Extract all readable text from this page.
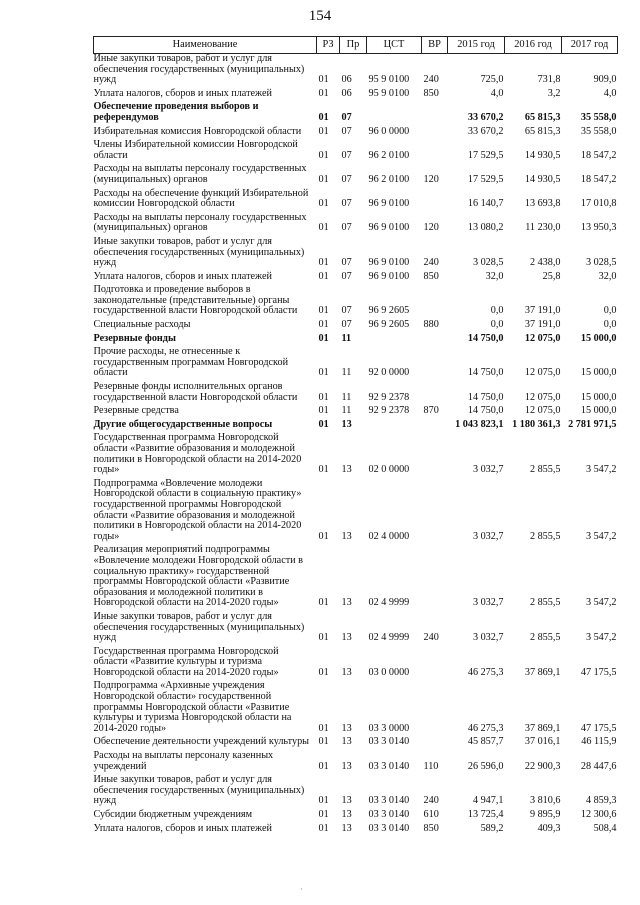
154
Наименование	РЗ	Пр	ЦСТ	ВР	2015 год	2016 год	2017 год
Иные закупки товаров, работ и услуг для обеспечения государственных (муниципальных) нужд	01	06	95 9 0100	240	725,0	731,8	909,0
Уплата налогов, сборов и иных платежей	01	06	95 9 0100	850	4,0	3,2	4,0
Обеспечение проведения выборов и референдумов	01	07			33 670,2	65 815,3	35 558,0
Избирательная комиссия Новгородской области	01	07	96 0 0000		33 670,2	65 815,3	35 558,0
Члены Избирательной комиссии Новгородской области	01	07	96 2 0100		17 529,5	14 930,5	18 547,2
Расходы на выплаты персоналу государственных (муниципальных) органов	01	07	96 2 0100	120	17 529,5	14 930,5	18 547,2
Расходы на обеспечение функций Избирательной комиссии Новгородской области	01	07	96 9 0100		16 140,7	13 693,8	17 010,8
Расходы на выплаты персоналу государственных (муниципальных) органов	01	07	96 9 0100	120	13 080,2	11 230,0	13 950,3
Иные закупки товаров, работ и услуг для обеспечения государственных (муниципальных) нужд	01	07	96 9 0100	240	3 028,5	2 438,0	3 028,5
Уплата налогов, сборов и иных платежей	01	07	96 9 0100	850	32,0	25,8	32,0
Подготовка и проведение выборов в законодательные (представительные) органы государственной власти Новгородской области	01	07	96 9 2605		0,0	37 191,0	0,0
Специальные расходы	01	07	96 9 2605	880	0,0	37 191,0	0,0
Резервные фонды	01	11			14 750,0	12 075,0	15 000,0
Прочие расходы, не отнесенные к государственным программам Новгородской области	01	11	92 0 0000		14 750,0	12 075,0	15 000,0
Резервные фонды исполнительных органов государственной власти Новгородской области	01	11	92 9 2378		14 750,0	12 075,0	15 000,0
Резервные средства	01	11	92 9 2378	870	14 750,0	12 075,0	15 000,0
Другие общегосударственные вопросы	01	13			1 043 823,1	1 180 361,3	2 781 971,5
Государственная программа Новгородской области «Развитие образования и молодежной политики в Новгородской области на 2014-2020 годы»	01	13	02 0 0000		3 032,7	2 855,5	3 547,2
Подпрограмма «Вовлечение молодежи Новгородской области в социальную практику» государственной программы Новгородской области «Развитие образования и молодежной политики в Новгородской области на 2014-2020 годы»	01	13	02 4 0000		3 032,7	2 855,5	3 547,2
Реализация мероприятий подпрограммы «Вовлечение молодежи Новгородской области в социальную практику» государственной программы Новгородской области «Развитие образования и молодежной политики в Новгородской области на 2014-2020 годы»	01	13	02 4 9999		3 032,7	2 855,5	3 547,2
Иные закупки товаров, работ и услуг для обеспечения государственных (муниципальных) нужд	01	13	02 4 9999	240	3 032,7	2 855,5	3 547,2
Государственная программа Новгородской области «Развитие культуры и туризма Новгородской области на 2014-2020 годы»	01	13	03 0 0000		46 275,3	37 869,1	47 175,5
Подпрограмма «Архивные учреждения Новгородской области» государственной программы Новгородской области «Развитие культуры и туризма Новгородской области на 2014-2020 годы»	01	13	03 3 0000		46 275,3	37 869,1	47 175,5
Обеспечение деятельности учреждений культуры	01	13	03 3 0140		45 857,7	37 016,1	46 115,9
Расходы на выплаты персоналу казенных учреждений	01	13	03 3 0140	110	26 596,0	22 900,3	28 447,6
Иные закупки товаров, работ и услуг для обеспечения государственных (муниципальных) нужд	01	13	03 3 0140	240	4 947,1	3 810,6	4 859,3
Субсидии бюджетным учреждениям	01	13	03 3 0140	610	13 725,4	9 895,9	12 300,6
Уплата налогов, сборов и иных платежей	01	13	03 3 0140	850	589,2	409,3	508,4
·
